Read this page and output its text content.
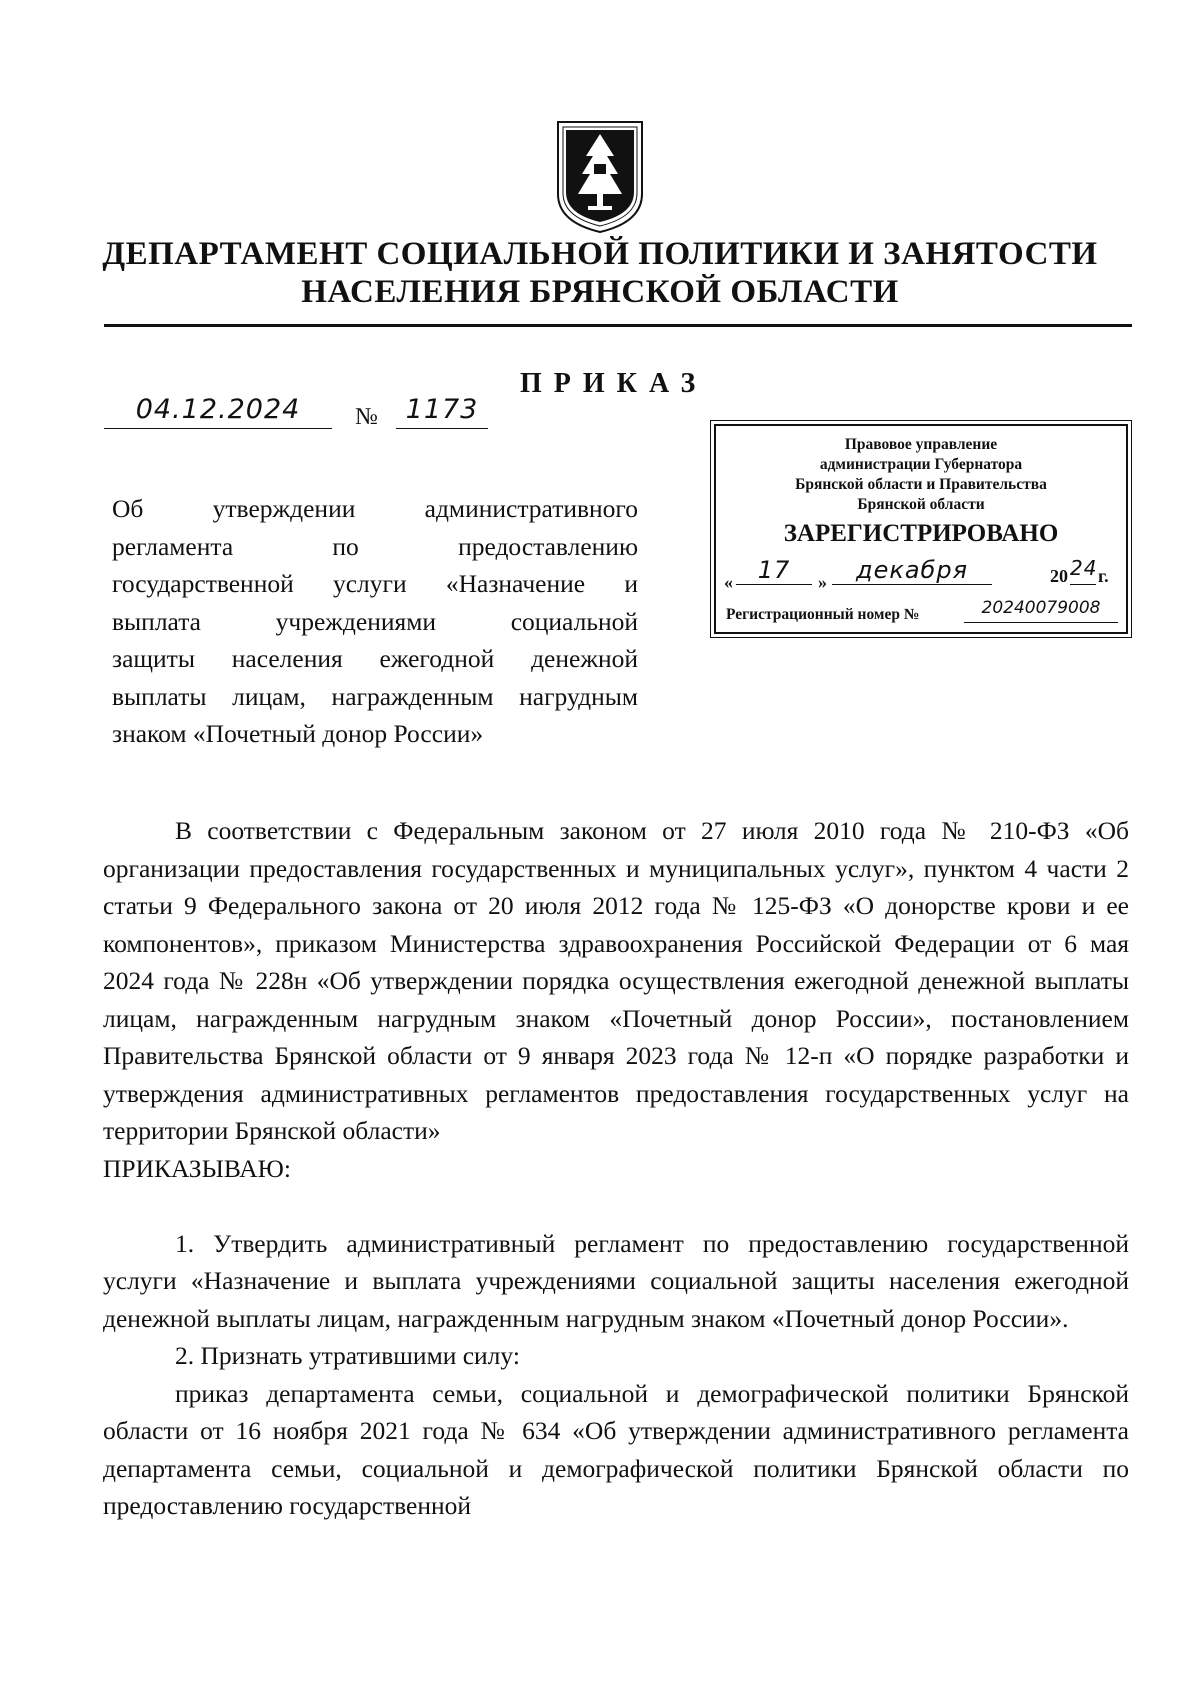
ДЕПАРТАМЕНТ СОЦИАЛЬНОЙ ПОЛИТИКИ И ЗАНЯТОСТИ
НАСЕЛЕНИЯ БРЯНСКОЙ ОБЛАСТИ
ПРИКАЗ
04.12.2024	№	1173
Правовое управление
администрации Губернатора
Брянской области и Правительства
Брянской области
ЗАРЕГИСТРИРОВАНО
«	17	»	декабря	20 24 г.
Регистрационный номер №	20240079008
Об утверждении административного
регламента по предоставлению
государственной услуги «Назначение и
выплата учреждениями социальной
защиты населения ежегодной денежной
выплаты лицам, награжденным нагрудным
знаком «Почетный донор России»

В соответствии с Федеральным законом от 27 июля 2010 года № 210-ФЗ «Об организации предоставления государственных и муниципальных услуг», пунктом 4 части 2 статьи 9 Федерального закона от 20 июля 2012 года № 125-ФЗ «О донорстве крови и ее компонентов», приказом Министерства здравоохранения Российской Федерации от 6 мая 2024 года № 228н «Об утверждении порядка осуществления ежегодной денежной выплаты лицам, награжденным нагрудным знаком «Почетный донор России», постановлением Правительства Брянской области от 9 января 2023 года № 12-п «О порядке разработки и утверждения административных регламентов предоставления государственных услуг на территории Брянской области»

ПРИКАЗЫВАЮ:

1. Утвердить административный регламент по предоставлению государственной услуги «Назначение и выплата учреждениями социальной защиты населения ежегодной денежной выплаты лицам, награжденным нагрудным знаком «Почетный донор России».

2. Признать утратившими силу:

приказ департамента семьи, социальной и демографической политики Брянской области от 16 ноября 2021 года № 634 «Об утверждении административного регламента департамента семьи, социальной и демографической политики Брянской области по предоставлению государственной
